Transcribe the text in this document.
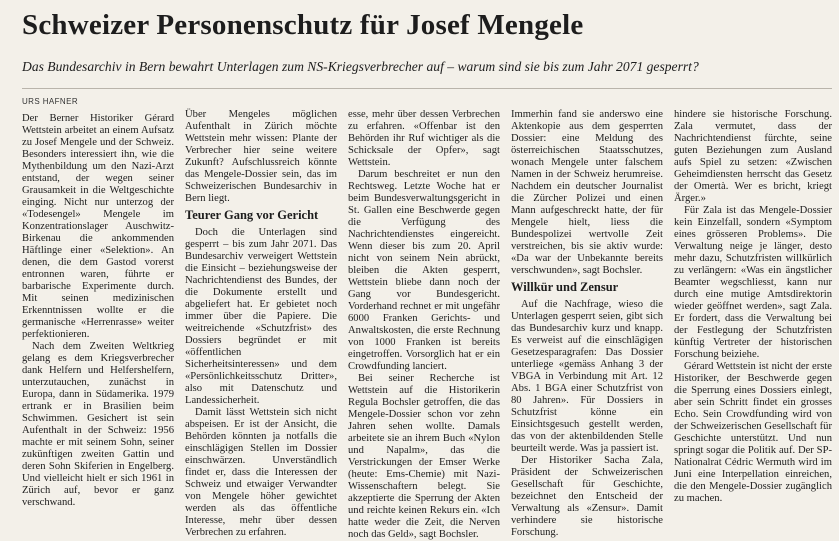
Schweizer Personenschutz für Josef Mengele
Das Bundesarchiv in Bern bewahrt Unterlagen zum NS-Kriegsverbrecher auf – warum sind sie bis zum Jahr 2071 gesperrt?
URS HAFNER

Der Berner Historiker Gérard Wettstein arbeitet an einem Aufsatz zu Josef Mengele und der Schweiz. Besonders interessiert ihn, wie die Mythenbildung um den Nazi-Arzt entstand, der wegen seiner Grausamkeit in die Weltgeschichte einging. Nicht nur unterzog der «Todesengel» Mengele im Konzentrationslager Auschwitz-Birkenau die ankommenden Häftlinge einer «Selektion». An denen, die dem Gastod vorerst entronnen waren, führte er barbarische Experimente durch. Mit seinen medizinischen Erkenntnissen wollte er die germanische «Herrenrasse» weiter perfektionieren.

Nach dem Zweiten Weltkrieg gelang es dem Kriegsverbrecher dank Helfern und Helfershelfern, unterzutauchen, zunächst in Europa, dann in Südamerika. 1979 ertrank er in Brasilien beim Schwimmen. Gesichert ist sein Aufenthalt in der Schweiz: 1956 machte er mit seinem Sohn, seiner zukünftigen zweiten Gattin und deren Sohn Skiferien in Engelberg. Und vielleicht hielt er sich 1961 in Zürich auf, bevor er ganz verschwand.

Über Mengeles möglichen Aufenthalt in Zürich möchte Wettstein mehr wissen: Plante der Verbrecher hier seine weitere Zukunft? Aufschlussreich könnte das Mengele-Dossier sein, das im Schweizerischen Bundesarchiv in Bern liegt.

Teurer Gang vor Gericht

Doch die Unterlagen sind gesperrt – bis zum Jahr 2071. Das Bundesarchiv verweigert Wettstein die Einsicht – beziehungsweise der Nachrichtendienst des Bundes, der die Dokumente erstellt und abgeliefert hat. Er gebietet noch immer über die Papiere. Die weitreichende «Schutzfrist» des Dossiers begründet er mit «öffentlichen Sicherheitsinteressen» und dem «Persönlichkeitsschutz Dritter», also mit Datenschutz und Landessicherheit.

Damit lässt Wettstein sich nicht abspeisen. Er ist der Ansicht, die Behörden könnten ja notfalls die einschlägigen Stellen im Dossier einschwärzen. Unverständlich findet er, dass die Interessen der Schweiz und etwaiger Verwandter von Mengele höher gewichtet werden als das öffentliche Interesse, mehr über dessen Verbrechen zu erfahren.

esse, mehr über dessen Verbrechen zu erfahren. «Offenbar ist den Behörden ihr Ruf wichtiger als die Schicksale der Opfer», sagt Wettstein.

Darum beschreitet er nun den Rechtsweg. Letzte Woche hat er beim Bundesverwaltungsgericht in St. Gallen eine Beschwerde gegen die Verfügung des Nachrichtendienstes eingereicht. Wenn dieser bis zum 20. April nicht von seinem Nein abrückt, bleiben die Akten gesperrt, Wettstein bliebe dann noch der Gang vor Bundesgericht. Vorderhand rechnet er mit ungefähr 6000 Franken Gerichts- und Anwaltskosten, die erste Rechnung von 1000 Franken ist bereits eingetroffen. Vorsorglich hat er ein Crowdfunding lanciert.

Bei seiner Recherche ist Wettstein auf die Historikerin Regula Bochsler getroffen, die das Mengele-Dossier schon vor zehn Jahren sehen wollte. Damals arbeitete sie an ihrem Buch «Nylon und Napalm», das die Verstrickungen der Emser Werke (heute: Ems-Chemie) mit Nazi-Wissenschaftern belegt. Sie akzeptierte die Sperrung der Akten und reichte keinen Rekurs ein. «Ich hatte weder die Zeit, die Nerven noch das Geld», sagt Bochsler.

Immerhin fand sie anderswo eine Aktenkopie aus dem gesperrten Dossier: eine Meldung des österreichischen Staatsschutzes, wonach Mengele unter falschem Namen in der Schweiz herumreise. Nachdem ein deutscher Journalist die Zürcher Polizei und einen Mann aufgeschreckt hatte, der für Mengele hielt, liess die Bundespolizei wertvolle Zeit verstreichen, bis sie aktiv wurde: «Da war der Unbekannte bereits verschwunden», sagt Bochsler.

Willkür und Zensur

Auf die Nachfrage, wieso die Unterlagen gesperrt seien, gibt sich das Bundesarchiv kurz und knapp. Es verweist auf die einschlägigen Gesetzesparagrafen: Das Dossier unterliege «gemäss Anhang 3 der VBGA in Verbindung mit Art. 12 Abs. 1 BGA einer Schutzfrist von 80 Jahren». Für Dossiers in Schutzfrist könne ein Einsichtsgesuch gestellt werden, das von der aktenbildenden Stelle beurteilt werde. Was ja passiert ist.

Der Historiker Sacha Zala, Präsident der Schweizerischen Gesellschaft für Geschichte, bezeichnet den Entscheid der Verwaltung als «Zensur». Damit verhindere sie historische Forschung.

hindere sie historische Forschung. Zala vermutet, dass der Nachrichtendienst fürchte, seine guten Beziehungen zum Ausland aufs Spiel zu setzen: «Zwischen Geheimdiensten herrscht das Gesetz der Omertà. Wer es bricht, kriegt Ärger.»

Für Zala ist das Mengele-Dossier kein Einzelfall, sondern «Symptom eines grösseren Problems». Die Verwaltung neige je länger, desto mehr dazu, Schutzfristen willkürlich zu verlängern: «Was ein ängstlicher Beamter wegschliesst, kann nur durch eine mutige Amtsdirektorin wieder geöffnet werden», sagt Zala. Er fordert, dass die Verwaltung bei der Festlegung der Schutzfristen künftig Vertreter der historischen Forschung beiziehe.

Gérard Wettstein ist nicht der erste Historiker, der Beschwerde gegen die Sperrung eines Dossiers einlegt, aber sein Schritt findet ein grosses Echo. Sein Crowdfunding wird von der Schweizerischen Gesellschaft für Geschichte unterstützt. Und nun springt sogar die Politik auf. Der SP-Nationalrat Cédric Wermuth wird im Juni eine Interpellation einreichen, die den Mengele-Dossier zugänglich zu machen.
